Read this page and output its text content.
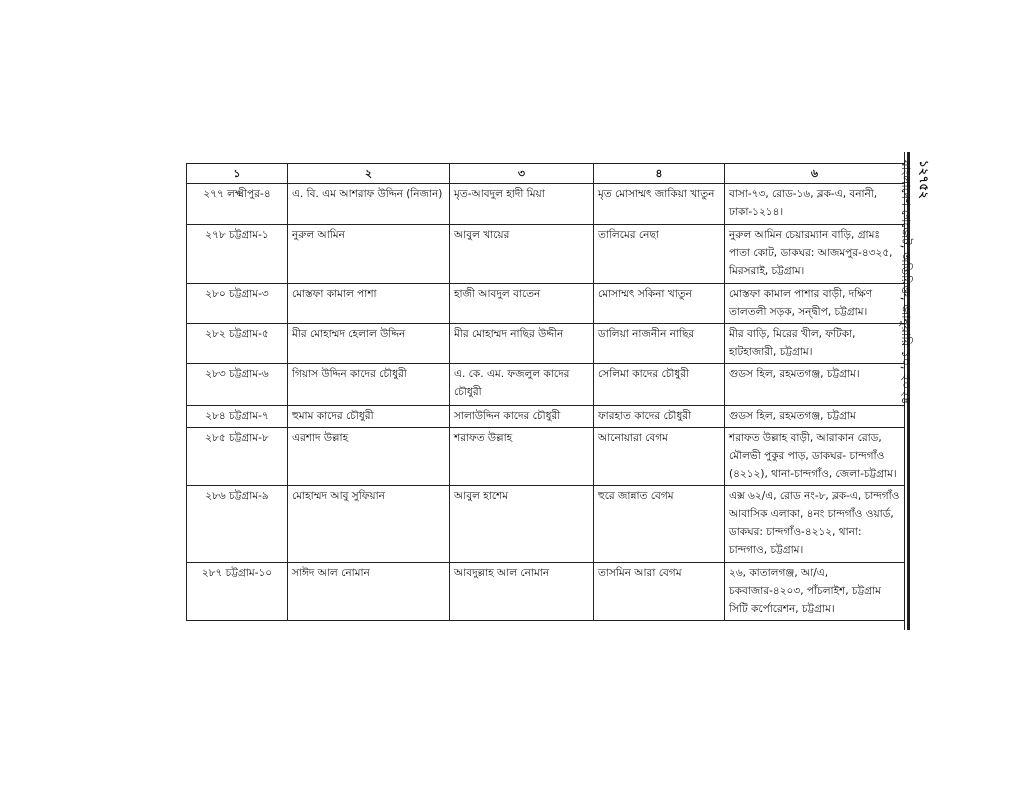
১	২	৩	৪	৬
২৭৭ লক্ষ্মীপুর-৪	এ. বি. এম আশরাফ উদ্দিন (নিজান)	মৃত-আবদুল হাদী মিয়া	মৃত মোসাম্মৎ জাকিয়া খাতুন	বাসা-৭৩, রোড-১৬, ব্লক-এ, বনানী, ঢাকা-১২১৪।
২৭৮ চট্টগ্রাম-১	নুরুল আমিন	আবুল খায়ের	তালিমের নেছা	নুরুল আমিন চেয়ারম্যান বাড়ি, গ্রামঃ পাতা কোট, ডাকঘর: আজমপুর-৪৩২৫, মিরসরাই, চট্টগ্রাম।
২৮০ চট্টগ্রাম-৩	মোস্তফা কামাল পাশা	হাজী আবদুল বাতেন	মোসাম্মৎ সকিনা খাতুন	মোস্তফা কামাল পাশার বাড়ী, দক্ষিণ তালতলী সড়ক, সন্দ্বীপ, চট্টগ্রাম।
২৮২ চট্টগ্রাম-৫	মীর মোহাম্মদ হেলাল উদ্দিন	মীর মোহাম্মদ নাছির উদ্দীন	ডালিয়া নাজনীন নাছির	মীর বাড়ি, মিরের খীল, ফটিকা, হাটহাজারী, চট্টগ্রাম।
২৮৩ চট্টগ্রাম-৬	গিয়াস উদ্দিন কাদের চৌধুরী	এ. কে. এম. ফজলুল কাদের চৌধুরী	সেলিমা কাদের চৌধুরী	গুডস হিল, রহমতগঞ্জ, চট্টগ্রাম।
২৮৪ চট্টগ্রাম-৭	হুমাম কাদের চৌধুরী	সালাউদ্দিন কাদের চৌধুরী	ফারহাত কাদের চৌধুরী	গুডস হিল, রহমতগঞ্জ, চট্টগ্রাম
২৮৫ চট্টগ্রাম-৮	এরশাদ উল্লাহ	শরাফত উল্লাহ	আনোয়ারা বেগম	শরাফত উল্লাহ বাড়ী, আরাকান রোড, মৌলভী পুকুর পাড়, ডাকঘর- চান্দগাঁও (৪২১২), থানা-চান্দগাঁও, জেলা-চট্টগ্রাম।
২৮৬ চট্টগ্রাম-৯	মোহাম্মদ আবু সুফিয়ান	আবুল হাশেম	হুরে জান্নাত বেগম	এক্স ৬২/এ, রোড নং-৮, ব্লক-এ, চান্দগাঁও আবাসিক এলাকা, ৪নং চান্দগাঁও ওয়ার্ড, ডাকঘর: চান্দগাঁও-৪২১২, থানা: চান্দগাও, চট্টগ্রাম।
২৮৭ চট্টগ্রাম-১০	সাঈদ আল নোমান	আবদুল্লাহ আল নোমান	তাসমিন আরা বেগম	২৬, কাতালগঞ্জ, আ/এ, চকবাজার-৪২০৩, পাঁচলাইশ, চট্টগ্রাম সিটি কর্পোরেশন, চট্টগ্রাম।
১২৭৫২
বাংলাদেশ গেজেট, অতিরিক্ত, জানুয়ারি ১০, ২০২৪
